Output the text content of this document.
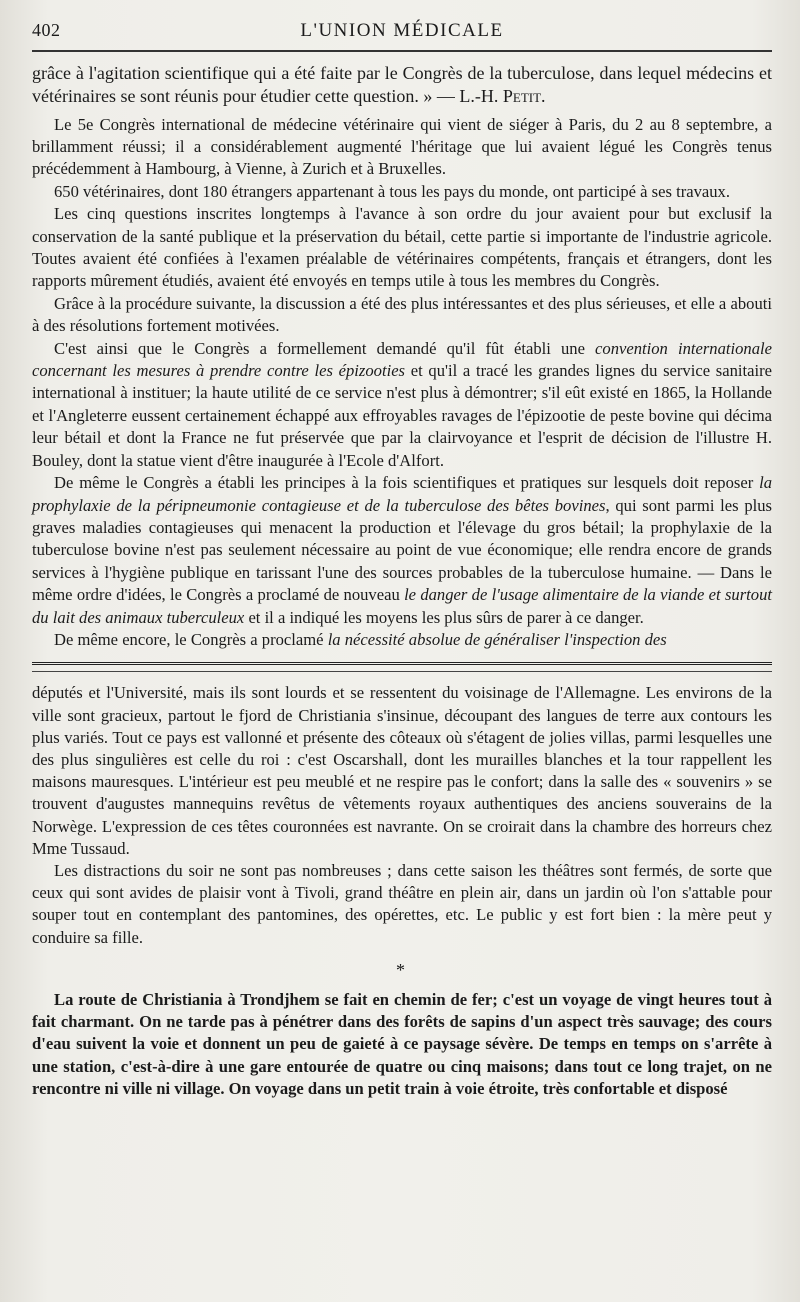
402	L'UNION MÉDICALE

grâce à l'agitation scientifique qui a été faite par le Congrès de la tuberculose, dans lequel médecins et vétérinaires se sont réunis pour étudier cette question. » — L.-H. Petit.

Le 5e Congrès international de médecine vétérinaire qui vient de siéger à Paris, du 2 au 8 septembre, a brillamment réussi; il a considérablement augmenté l'héritage que lui avaient légué les Congrès tenus précédemment à Hambourg, à Vienne, à Zurich et à Bruxelles.

650 vétérinaires, dont 180 étrangers appartenant à tous les pays du monde, ont participé à ses travaux.

Les cinq questions inscrites longtemps à l'avance à son ordre du jour avaient pour but exclusif la conservation de la santé publique et la préservation du bétail, cette partie si importante de l'industrie agricole. Toutes avaient été confiées à l'examen préalable de vétérinaires compétents, français et étrangers, dont les rapports mûrement étudiés, avaient été envoyés en temps utile à tous les membres du Congrès.

Grâce à la procédure suivante, la discussion a été des plus intéressantes et des plus sérieuses, et elle a abouti à des résolutions fortement motivées.

C'est ainsi que le Congrès a formellement demandé qu'il fût établi une convention internationale concernant les mesures à prendre contre les épizooties et qu'il a tracé les grandes lignes du service sanitaire international à instituer; la haute utilité de ce service n'est plus à démontrer; s'il eût existé en 1865, la Hollande et l'Angleterre eussent certainement échappé aux effroyables ravages de l'épizootie de peste bovine qui décima leur bétail et dont la France ne fut préservée que par la clairvoyance et l'esprit de décision de l'illustre H. Bouley, dont la statue vient d'être inaugurée à l'Ecole d'Alfort.

De même le Congrès a établi les principes à la fois scientifiques et pratiques sur lesquels doit reposer la prophylaxie de la péripneumonie contagieuse et de la tuberculose des bêtes bovines, qui sont parmi les plus graves maladies contagieuses qui menacent la production et l'élevage du gros bétail; la prophylaxie de la tuberculose bovine n'est pas seulement nécessaire au point de vue économique; elle rendra encore de grands services à l'hygiène publique en tarissant l'une des sources probables de la tuberculose humaine. — Dans le même ordre d'idées, le Congrès a proclamé de nouveau le danger de l'usage alimentaire de la viande et surtout du lait des animaux tuberculeux et il a indiqué les moyens les plus sûrs de parer à ce danger.

De même encore, le Congrès a proclamé la nécessité absolue de généraliser l'inspection des

députés et l'Université, mais ils sont lourds et se ressentent du voisinage de l'Allemagne. Les environs de la ville sont gracieux, partout le fjord de Christiania s'insinue, découpant des langues de terre aux contours les plus variés. Tout ce pays est vallonné et présente des côteaux où s'étagent de jolies villas, parmi lesquelles une des plus singulières est celle du roi : c'est Oscarshall, dont les murailles blanches et la tour rappellent les maisons mauresques. L'intérieur est peu meublé et ne respire pas le confort; dans la salle des « souvenirs » se trouvent d'augustes mannequins revêtus de vêtements royaux authentiques des anciens souverains de la Norwège. L'expression de ces têtes couronnées est navrante. On se croirait dans la chambre des horreurs chez Mme Tussaud.

Les distractions du soir ne sont pas nombreuses ; dans cette saison les théâtres sont fermés, de sorte que ceux qui sont avides de plaisir vont à Tivoli, grand théâtre en plein air, dans un jardin où l'on s'attable pour souper tout en contemplant des pantomines, des opérettes, etc. Le public y est fort bien : la mère peut y conduire sa fille.

*

La route de Christiania à Trondjhem se fait en chemin de fer; c'est un voyage de vingt heures tout à fait charmant. On ne tarde pas à pénétrer dans des forêts de sapins d'un aspect très sauvage; des cours d'eau suivent la voie et donnent un peu de gaieté à ce paysage sévère. De temps en temps on s'arrête à une station, c'est-à-dire à une gare entourée de quatre ou cinq maisons; dans tout ce long trajet, on ne rencontre ni ville ni village. On voyage dans un petit train à voie étroite, très confortable et disposé
